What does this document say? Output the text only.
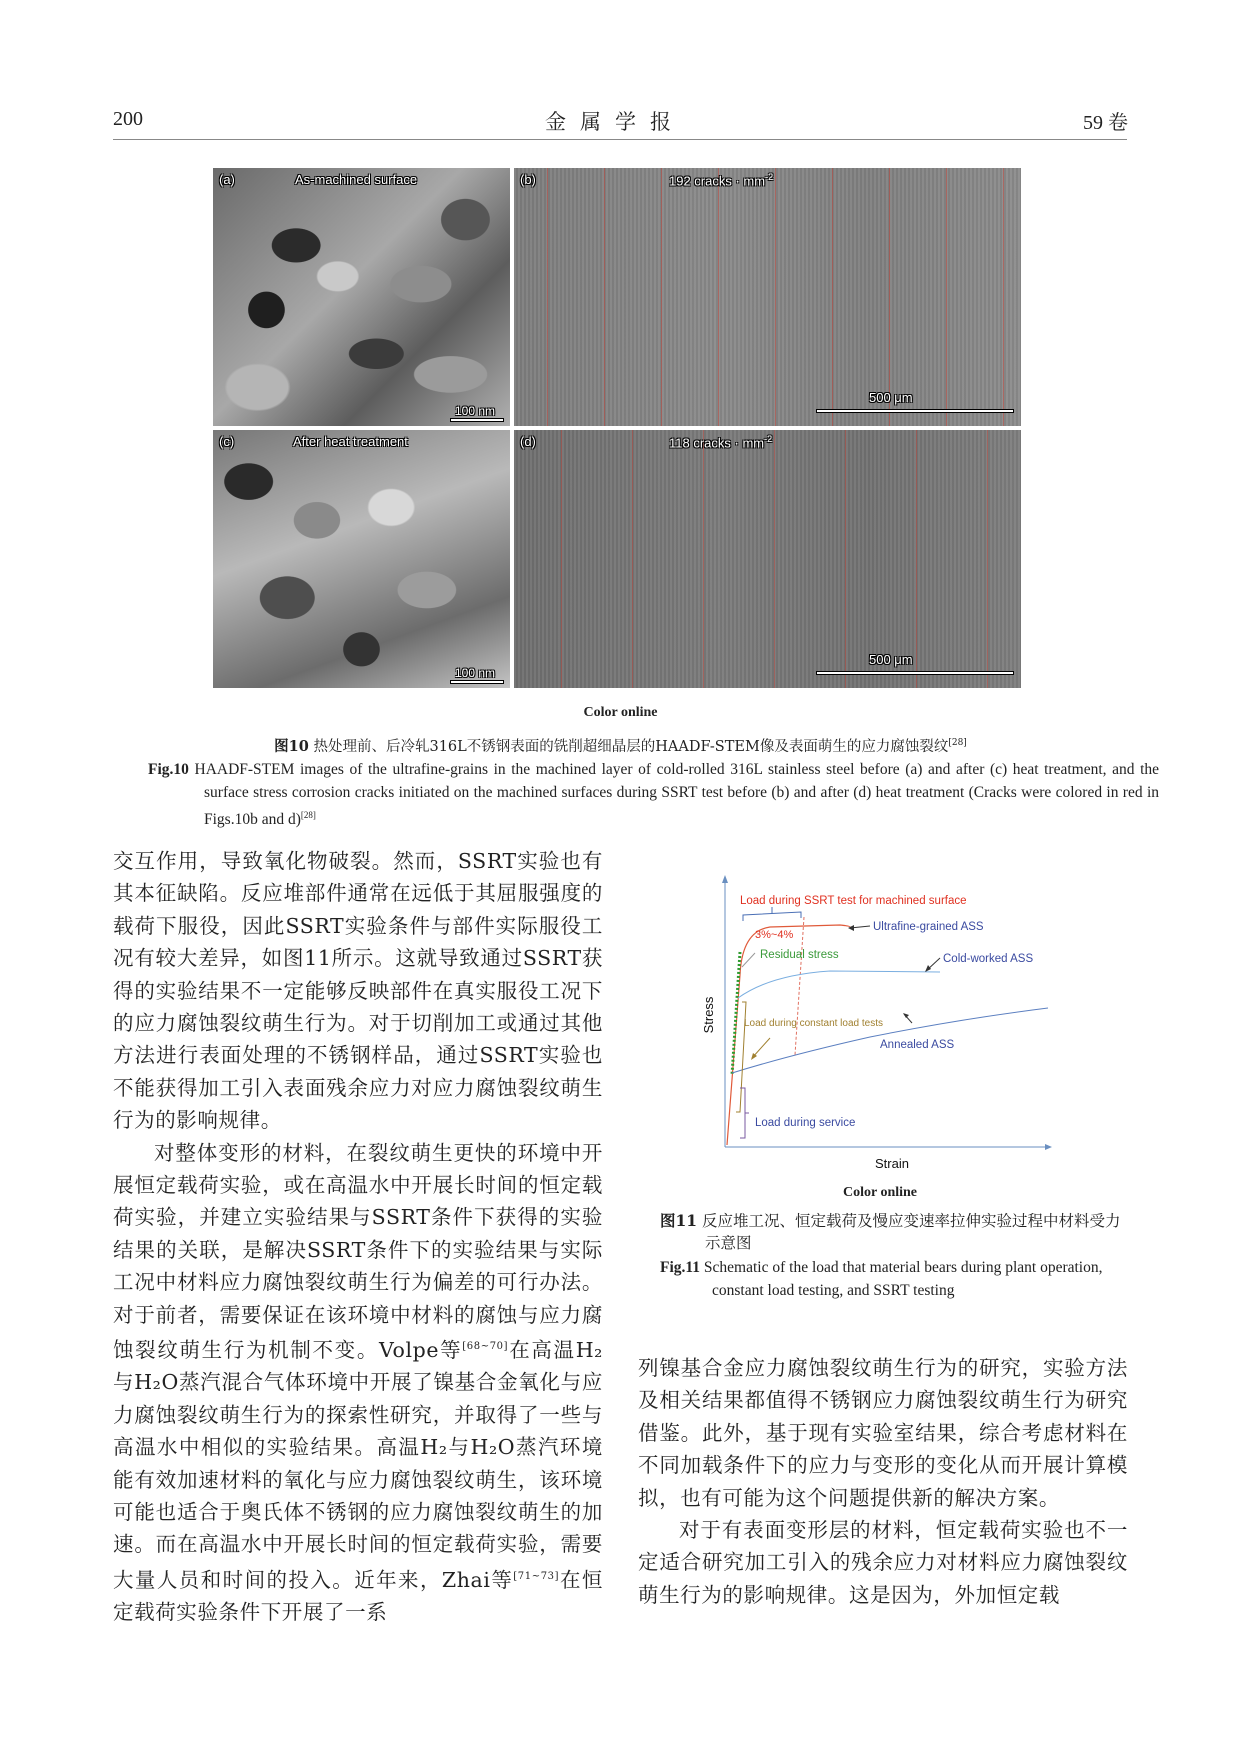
200	金属学报	59 卷
(a)	As-machined surface
100 nm
(b)	192 cracks · $mm^{-2}$
500 μm
(c)	After heat treatment
100 nm
(d)	118 cracks · $mm^{-2}$
500 μm
Color online
图10 热处理前、后冷轧316L不锈钢表面的铣削超细晶层的HAADF-STEM像及表面萌生的应力腐蚀裂纹[28]
Fig.10 HAADF-STEM images of the ultrafine-grains in the machined layer of cold-rolled 316L stainless steel before (a) and after (c) heat treatment, and the surface stress corrosion cracks initiated on the machined surfaces during SSRT test before (b) and after (d) heat treatment (Cracks were colored in red in Figs.10b and d)[28]

交互作用，导致氧化物破裂。然而，SSRT实验也有其本征缺陷。反应堆部件通常在远低于其屈服强度的载荷下服役，因此SSRT实验条件与部件实际服役工况有较大差异，如图11所示。这就导致通过SSRT获得的实验结果不一定能够反映部件在真实服役工况下的应力腐蚀裂纹萌生行为。对于切削加工或通过其他方法进行表面处理的不锈钢样品，通过SSRT实验也不能获得加工引入表面残余应力对应力腐蚀裂纹萌生行为的影响规律。

对整体变形的材料，在裂纹萌生更快的环境中开展恒定载荷实验，或在高温水中开展长时间的恒定载荷实验，并建立实验结果与SSRT条件下获得的实验结果的关联，是解决SSRT条件下的实验结果与实际工况中材料应力腐蚀裂纹萌生行为偏差的可行办法。对于前者，需要保证在该环境中材料的腐蚀与应力腐蚀裂纹萌生行为机制不变。Volpe等[68~70]在高温H₂与H₂O蒸汽混合气体环境中开展了镍基合金氧化与应力腐蚀裂纹萌生行为的探索性研究，并取得了一些与高温水中相似的实验结果。高温H₂与H₂O蒸汽环境能有效加速材料的氧化与应力腐蚀裂纹萌生，该环境可能也适合于奥氏体不锈钢的应力腐蚀裂纹萌生的加速。而在高温水中开展长时间的恒定载荷实验，需要大量人员和时间的投入。近年来，Zhai等[71~73]在恒定载荷实验条件下开展了一系

Stress
Strain
Load during SSRT test for machined surface
3%~4%
Residual stress
Load during constant load tests
Load during service
Ultrafine-grained ASS
Cold-worked ASS
Annealed ASS
Color online
图11 反应堆工况、恒定载荷及慢应变速率拉伸实验过程中材料受力示意图
Fig.11 Schematic of the load that material bears during plant operation, constant load testing, and SSRT testing

列镍基合金应力腐蚀裂纹萌生行为的研究，实验方法及相关结果都值得不锈钢应力腐蚀裂纹萌生行为研究借鉴。此外，基于现有实验室结果，综合考虑材料在不同加载条件下的应力与变形的变化从而开展计算模拟，也有可能为这个问题提供新的解决方案。

对于有表面变形层的材料，恒定载荷实验也不一定适合研究加工引入的残余应力对材料应力腐蚀裂纹萌生行为的影响规律。这是因为，外加恒定载
